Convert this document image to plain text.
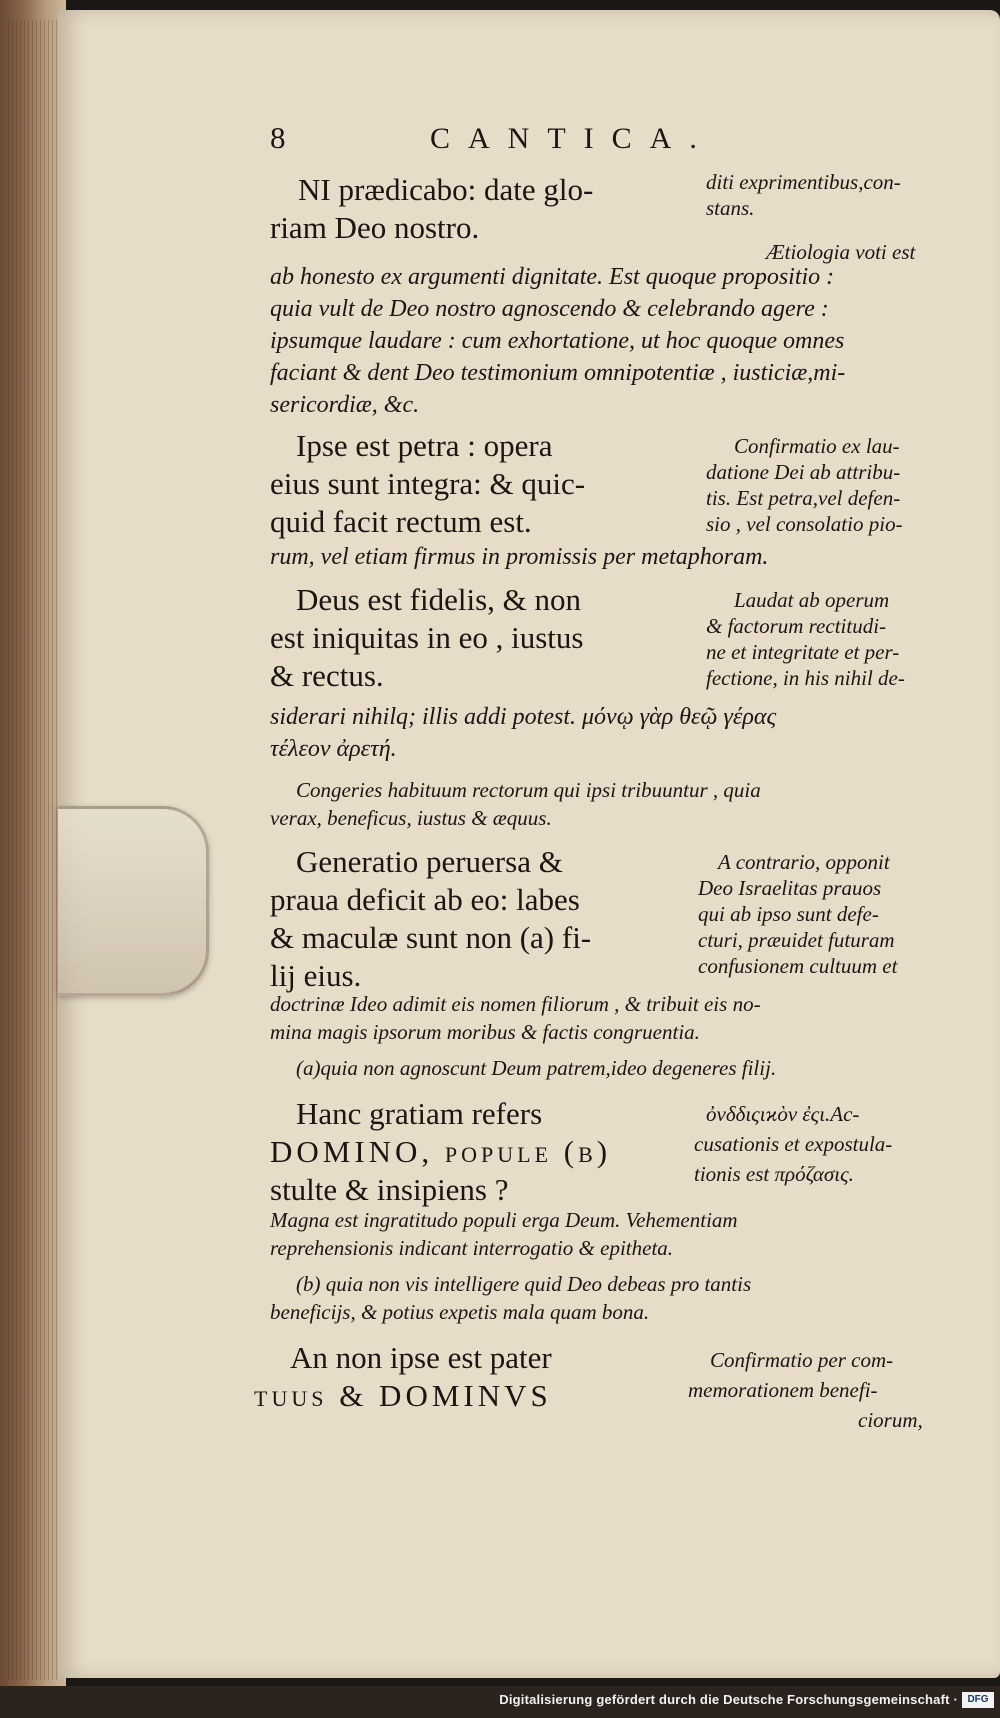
8	CANTICA.
diti exprimentibus,con-
stans.
Ætiologia voti est
NI prædicabo: date glo-
riam Deo nostro.
ab honesto ex argumenti dignitate. Est quoque propositio :
quia vult de Deo nostro agnoscendo & celebrando agere :
ipsumque laudare : cum exhortatione, ut hoc quoque omnes
faciant & dent Deo testimonium omnipotentiæ , iusticiæ,mi-
sericordiæ, &c.
Ipse est petra : opera
eius sunt integra: & quic-
quid facit rectum est.
Confirmatio ex lau-
datione Dei ab attribu-
tis. Est petra,vel defen-
sio , vel consolatio pio-
rum, vel etiam firmus in promissis per metaphoram.
Deus est fidelis, & non
est iniquitas in eo , iustus
& rectus.
Laudat ab operum
& factorum rectitudi-
ne et integritate et per-
fectione, in his nihil de-
siderari nihilq; illis addi potest. μόνῳ γὰρ θεῷ γέρας
τέλεον ἀρετή.
Congeries habituum rectorum qui ipsi tribuuntur , quia
verax, beneficus, iustus & æquus.
Generatio peruersa &
praua deficit ab eo: labes
& maculæ sunt non (a) fi-
lij eius.
A contrario, opponit
Deo Israelitas prauos
qui ab ipso sunt defe-
cturi, præuidet futuram
confusionem cultuum et
doctrinæ Ideo adimit eis nomen filiorum , & tribuit eis no-
mina magis ipsorum moribus & factis congruentia.
(a)quia non agnoscunt Deum patrem,ideo degeneres filij.
Hanc gratiam refers
DOMINO, popule (b)
stulte & insipiens ?
ὀνδδιςιϰὸν ἐςι.Ac-
cusationis et expostula-
tionis est πρόζασις.
Magna est ingratitudo populi erga Deum. Vehementiam
reprehensionis indicant interrogatio & epitheta.
(b) quia non vis intelligere quid Deo debeas pro tantis
beneficijs, & potius expetis mala quam bona.
An non ipse est pater
tuus & DOMINVS
Confirmatio per com-
memorationem benefi-
ciorum,
Digitalisierung gefördert durch die Deutsche Forschungsgemeinschaft · DFG
